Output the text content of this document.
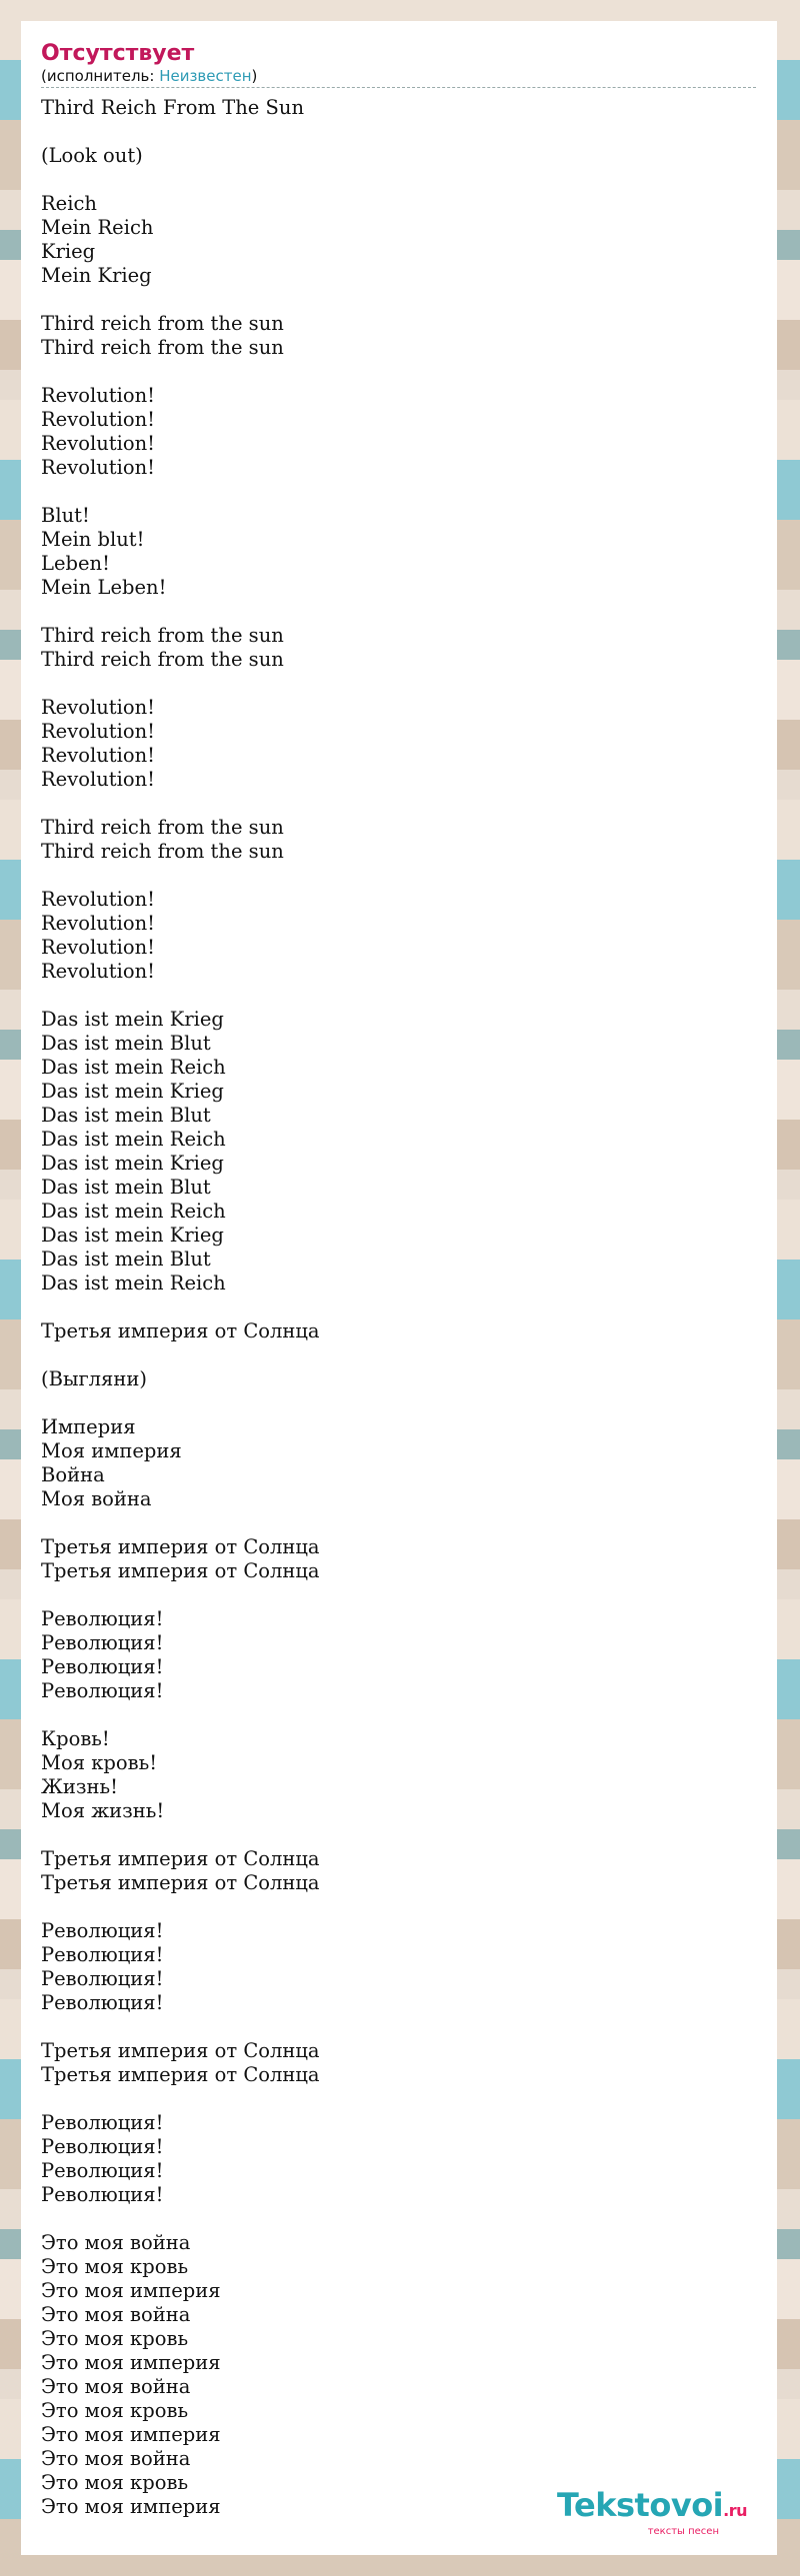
Отсутствует
(исполнитель: Неизвестен)
Third Reich From The Sun
(Look out)
Reich
Mein Reich
Krieg
Mein Krieg
Third reich from the sun
Third reich from the sun
Revolution!
Revolution!
Revolution!
Revolution!
Blut!
Mein blut!
Leben!
Mein Leben!
Third reich from the sun
Third reich from the sun
Revolution!
Revolution!
Revolution!
Revolution!
Third reich from the sun
Third reich from the sun
Revolution!
Revolution!
Revolution!
Revolution!
Das ist mein Krieg
Das ist mein Blut
Das ist mein Reich
Das ist mein Krieg
Das ist mein Blut
Das ist mein Reich
Das ist mein Krieg
Das ist mein Blut
Das ist mein Reich
Das ist mein Krieg
Das ist mein Blut
Das ist mein Reich
Третья империя от Солнца
(Выгляни)
Империя
Моя империя
Война
Моя война
Третья империя от Солнца
Третья империя от Солнца
Революция!
Революция!
Революция!
Революция!
Кровь!
Моя кровь!
Жизнь!
Моя жизнь!
Третья империя от Солнца
Третья империя от Солнца
Революция!
Революция!
Революция!
Революция!
Третья империя от Солнца
Третья империя от Солнца
Революция!
Революция!
Революция!
Революция!
Это моя война
Это моя кровь
Это моя империя
Это моя война
Это моя кровь
Это моя империя
Это моя война
Это моя кровь
Это моя империя
Это моя война
Это моя кровь
Это моя империя	Tekstovoi.ru
тексты песен
